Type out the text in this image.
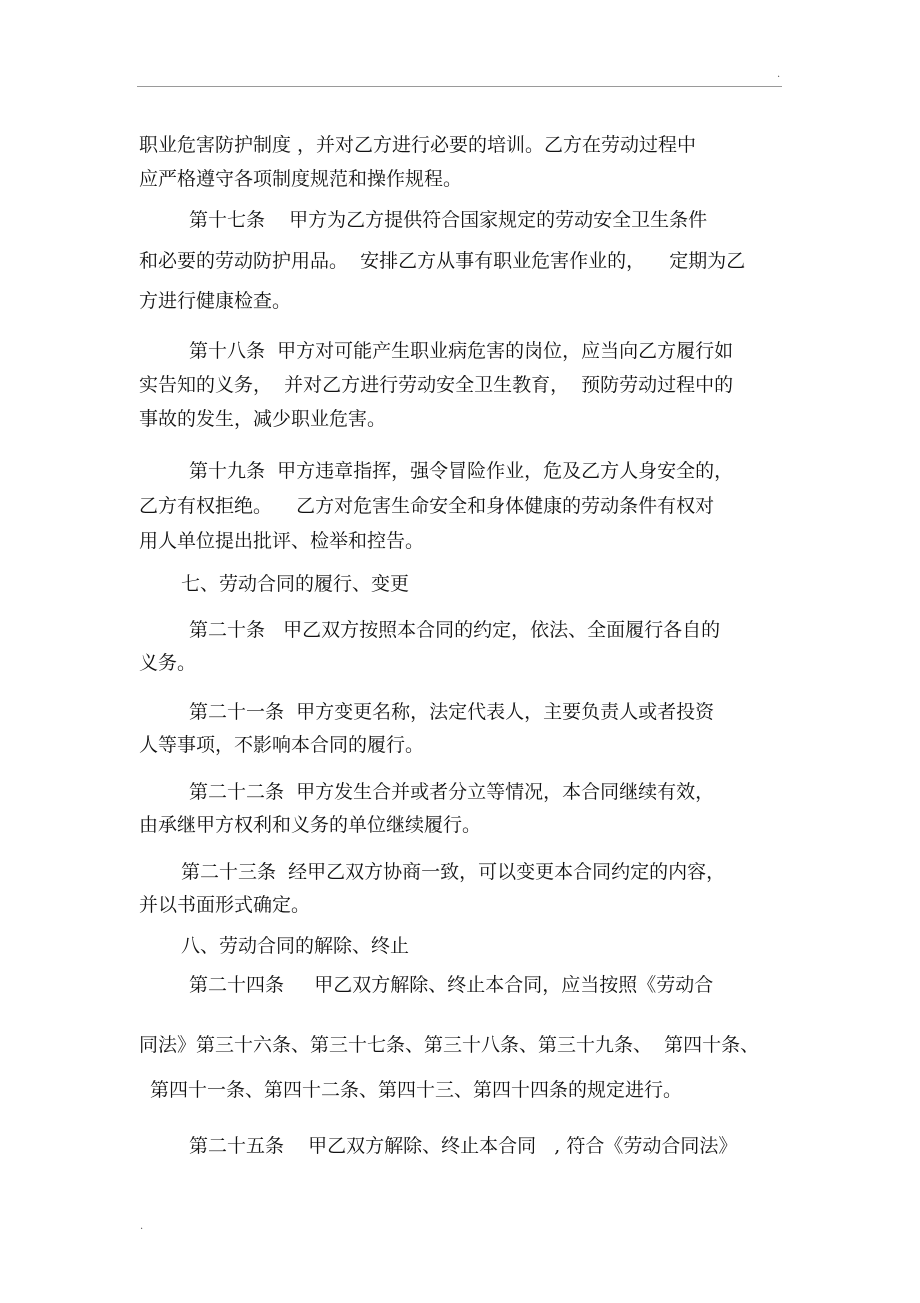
.
.
职业危害防护制度 ，并对乙方进行必要的培训。乙方在劳动过程中
应严格遵守各项制度规范和操作规程。
第十七条    甲方为乙方提供符合国家规定的劳动安全卫生条件
和必要的劳动防护用品。  安排乙方从事有职业危害作业的，    定期为乙
方进行健康检查。
第十八条  甲方对可能产生职业病危害的岗位，应当向乙方履行如
实告知的义务，  并对乙方进行劳动安全卫生教育，  预防劳动过程中的
事故的发生，减少职业危害。
第十九条  甲方违章指挥，强令冒险作业，危及乙方人身安全的，
乙方有权拒绝。    乙方对危害生命安全和身体健康的劳动条件有权对
用人单位提出批评、检举和控告。
七、劳动合同的履行、变更
第二十条   甲乙双方按照本合同的约定，依法、全面履行各自的
义务。
第二十一条  甲方变更名称，法定代表人，主要负责人或者投资
人等事项，不影响本合同的履行。
第二十二条  甲方发生合并或者分立等情况，本合同继续有效，
由承继甲方权利和义务的单位继续履行。
第二十三条  经甲乙双方协商一致，可以变更本合同约定的内容，
并以书面形式确定。
八、劳动合同的解除、终止
第二十四条     甲乙双方解除、终止本合同，应当按照《劳动合
同法》第三十六条、第三十七条、第三十八条、第三十九条、  第四十条、
第四十一条、第四十二条、第四十三、第四十四条的规定进行。
第二十五条    甲乙双方解除、终止本合同   , 符合《劳动合同法》
